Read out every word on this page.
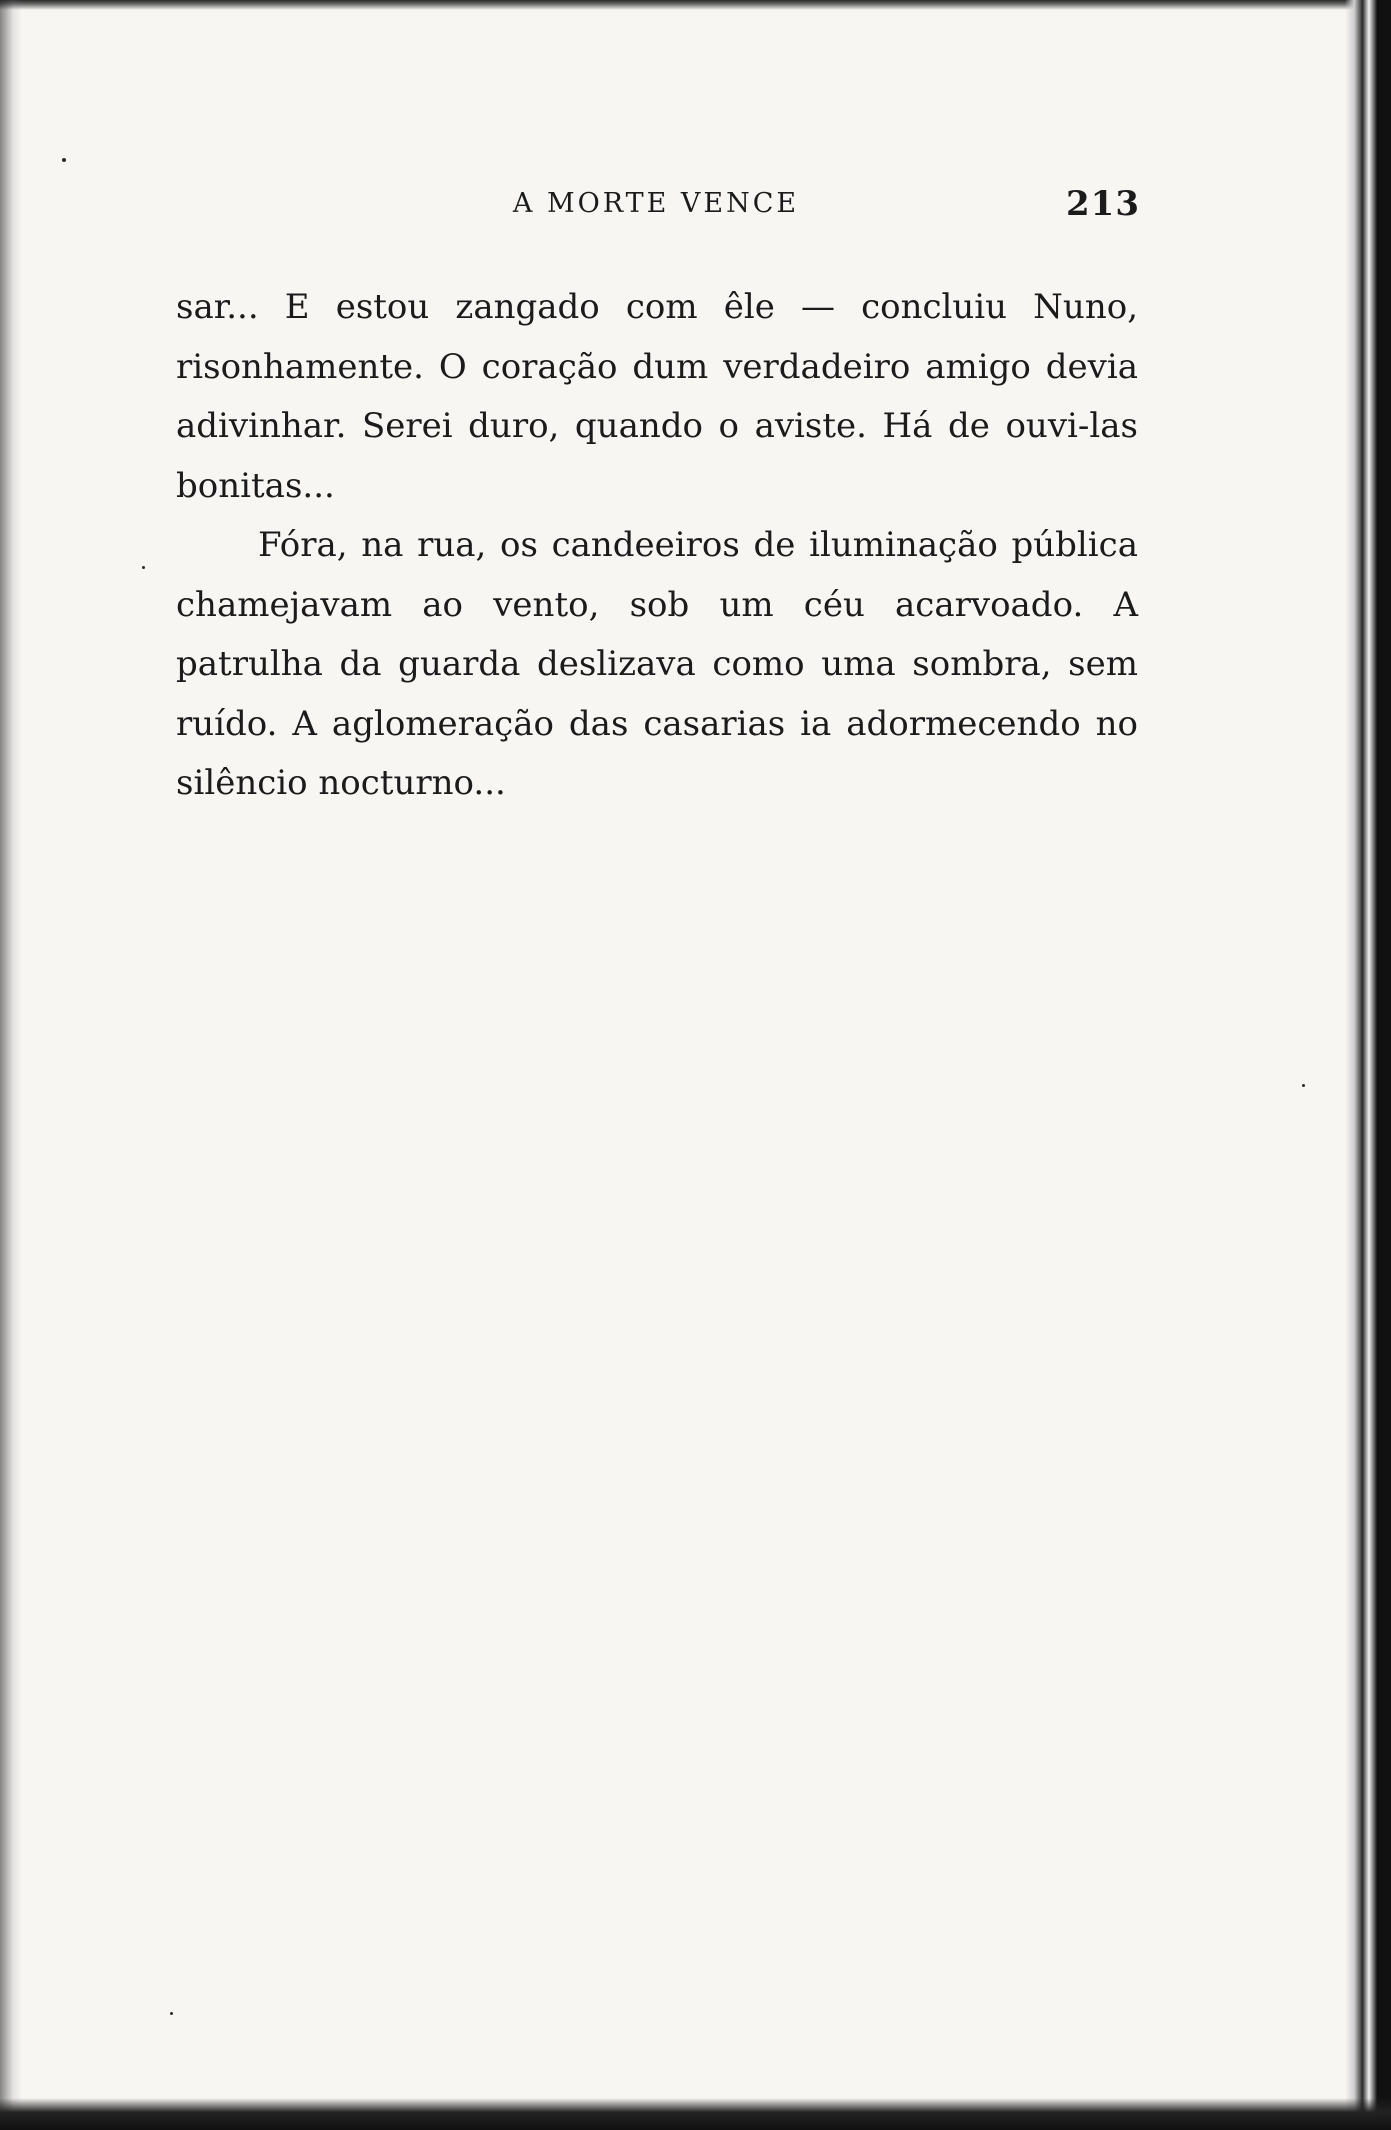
A MORTE VENCE	213

sar... E estou zangado com êle — concluiu Nuno, risonhamente. O coração dum verdadeiro amigo devia adivinhar. Serei duro, quando o aviste. Há de ouvi-las bonitas...

Fóra, na rua, os candeeiros de iluminação pública chamejavam ao vento, sob um céu acarvoado. A patrulha da guarda deslizava como uma sombra, sem ruído. A aglomeração das casarias ia adormecendo no silêncio nocturno...
